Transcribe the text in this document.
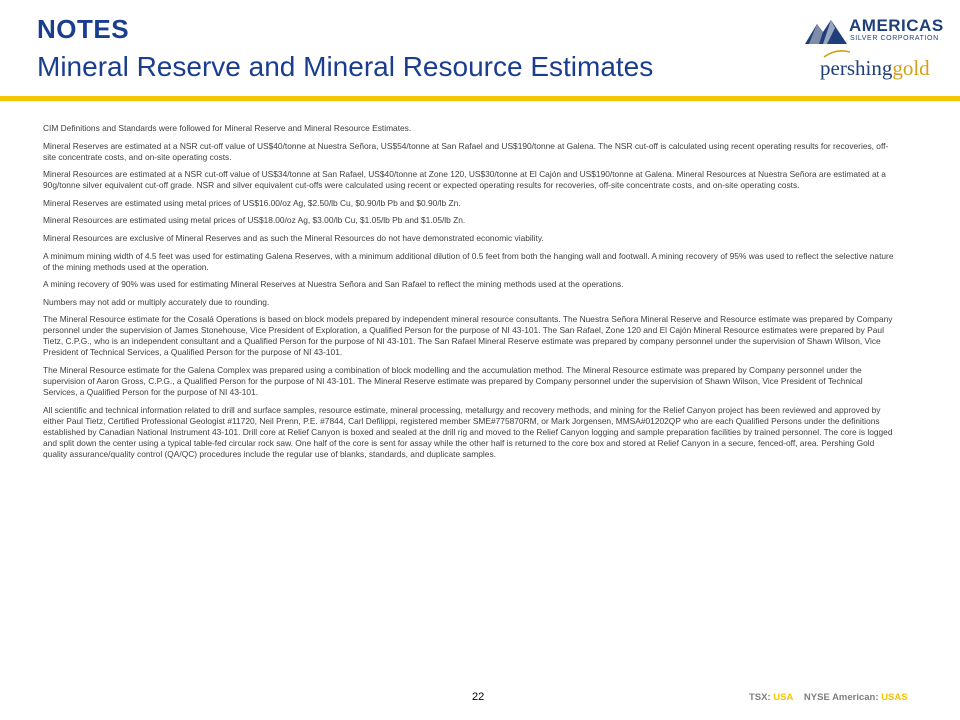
NOTES
Mineral Reserve and Mineral Resource Estimates
AMERICAS
SILVER CORPORATION
pershinggold

CIM Definitions and Standards were followed for Mineral Reserve and Mineral Resource Estimates.

Mineral Reserves are estimated at a NSR cut-off value of US$40/tonne at Nuestra Señora, US$54/tonne at San Rafael and US$190/tonne at Galena. The NSR cut-off is calculated using recent operating results for recoveries, off-site concentrate costs, and on-site operating costs.

Mineral Resources are estimated at a NSR cut-off value of US$34/tonne at San Rafael, US$40/tonne at Zone 120, US$30/tonne at El Cajón and US$190/tonne at Galena. Mineral Resources at Nuestra Señora are estimated at a 90g/tonne silver equivalent cut-off grade. NSR and silver equivalent cut-offs were calculated using recent or expected operating results for recoveries, off-site concentrate costs, and on-site operating costs.

Mineral Reserves are estimated using metal prices of US$16.00/oz Ag, $2.50/lb Cu, $0.90/lb Pb and $0.90/lb Zn.

Mineral Resources are estimated using metal prices of US$18.00/oz Ag, $3.00/lb Cu, $1.05/lb Pb and $1.05/lb Zn.

Mineral Resources are exclusive of Mineral Reserves and as such the Mineral Resources do not have demonstrated economic viability.

A minimum mining width of 4.5 feet was used for estimating Galena Reserves, with a minimum additional dilution of 0.5 feet from both the hanging wall and footwall. A mining recovery of 95% was used to reflect the selective nature of the mining methods used at the operation.

A mining recovery of 90% was used for estimating Mineral Reserves at Nuestra Señora and San Rafael to reflect the mining methods used at the operations.

Numbers may not add or multiply accurately due to rounding.

The Mineral Resource estimate for the Cosalá Operations is based on block models prepared by independent mineral resource consultants. The Nuestra Señora Mineral Reserve and Resource estimate was prepared by Company personnel under the supervision of James Stonehouse, Vice President of Exploration, a Qualified Person for the purpose of NI 43-101. The San Rafael, Zone 120 and El Cajón Mineral Resource estimates were prepared by Paul Tietz, C.P.G., who is an independent consultant and a Qualified Person for the purpose of NI 43-101. The San Rafael Mineral Reserve estimate was prepared by company personnel under the supervision of Shawn Wilson, Vice President of Technical Services, a Qualified Person for the purpose of NI 43-101.

The Mineral Resource estimate for the Galena Complex was prepared using a combination of block modelling and the accumulation method. The Mineral Resource estimate was prepared by Company personnel under the supervision of Aaron Gross, C.P.G., a Qualified Person for the purpose of NI 43-101. The Mineral Reserve estimate was prepared by Company personnel under the supervision of Shawn Wilson, Vice President of Technical Services, a Qualified Person for the purpose of NI 43-101.

All scientific and technical information related to drill and surface samples, resource estimate, mineral processing, metallurgy and recovery methods, and mining for the Relief Canyon project has been reviewed and approved by either Paul Tietz, Certified Professional Geologist #11720, Neil Prenn, P.E. #7844, Carl Defilippi, registered member SME#775870RM, or Mark Jorgensen, MMSA#01202QP who are each Qualified Persons under the definitions established by Canadian National Instrument 43-101. Drill core at Relief Canyon is boxed and sealed at the drill rig and moved to the Relief Canyon logging and sample preparation facilities by trained personnel. The core is logged and split down the center using a typical table-fed circular rock saw. One half of the core is sent for assay while the other half is returned to the core box and stored at Relief Canyon in a secure, fenced-off, area. Pershing Gold quality assurance/quality control (QA/QC) procedures include the regular use of blanks, standards, and duplicate samples.

22	TSX: USA NYSE American: USAS
